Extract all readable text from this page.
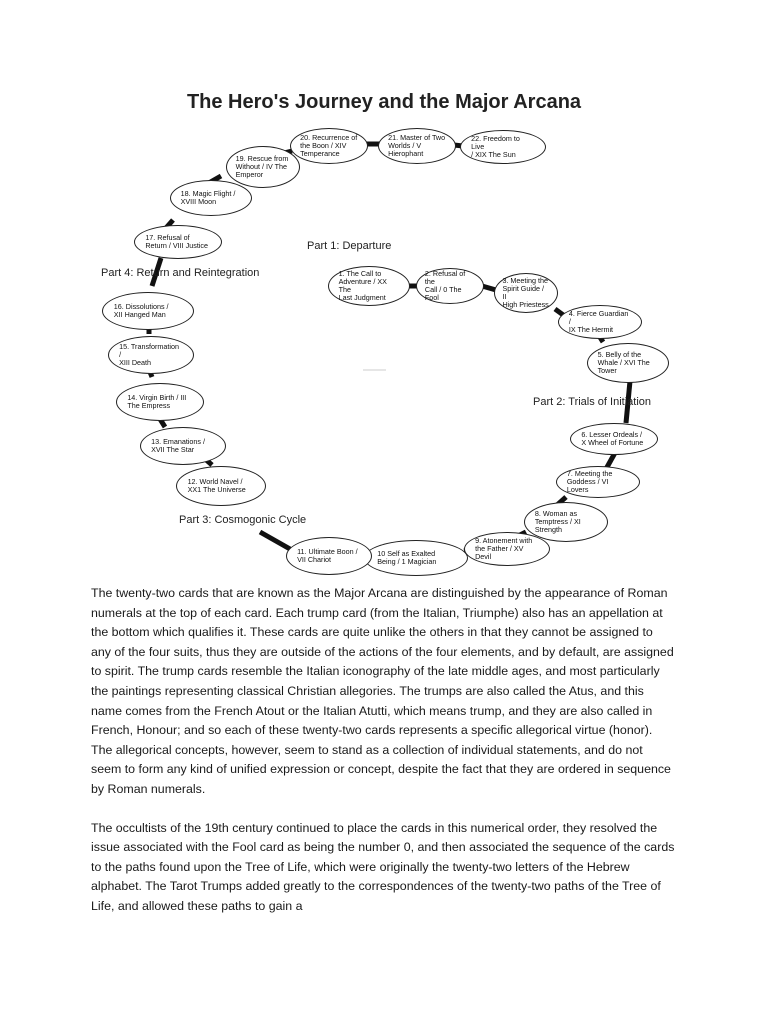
The Hero's Journey and the Major Arcana
1. The Call to
Adventure / XX The
Last Judgment
2. Refusal of the
Call / 0 The Fool
3. Meeting the
Spirit Guide / II
High Priestess
4. Fierce Guardian /
IX The Hermit
5. Belly of the
Whale / XVI The
Tower
6. Lesser Ordeals /
X Wheel of Fortune
7. Meeting the
Goddess / VI Lovers
8. Woman as
Temptress / XI
Strength
9. Atonement with
the Father / XV Devil
10 Self as Exalted
Being / 1 Magician
11. Ultimate Boon /
VII Chariot
12. World Navel /
XX1 The Universe
13. Emanations /
XVII The Star
14. Virgin Birth / III
The Empress
15. Transformation /
XIII Death
16. Dissolutions /
XII Hanged Man
17. Refusal of
Return / VIII Justice
18. Magic Flight /
XVIII Moon
19. Rescue from
Without / IV The
Emperor
20. Recurrence of
the Boon / XIV
Temperance
21. Master of Two
Worlds / V
Hierophant
22. Freedom to Live
/ XIX The Sun
Part 1: Departure
Part 2: Trials of Initiation
Part 3: Cosmogonic Cycle
Part 4: Return and Reintegration

The twenty-two cards that are known as the Major Arcana are distinguished by the appearance of Roman numerals at the top of each card. Each trump card (from the Italian, Triumphe) also has an appellation at the bottom which qualifies it. These cards are quite unlike the others in that they cannot be assigned to any of the four suits, thus they are outside of the actions of the four elements, and by default, are assigned to spirit. The trump cards resemble the Italian iconography of the late middle ages, and most particularly the paintings representing classical Christian allegories. The trumps are also called the Atus, and this name comes from the French Atout or the Italian Atutti, which means trump, and they are also called in French, Honour; and so each of these twenty-two cards represents a specific allegorical virtue (honor). The allegorical concepts, however, seem to stand as a collection of individual statements, and do not seem to form any kind of unified expression or concept, despite the fact that they are ordered in sequence by Roman numerals.

The occultists of the 19th century continued to place the cards in this numerical order, they resolved the issue associated with the Fool card as being the number 0, and then associated the sequence of the cards to the paths found upon the Tree of Life, which were originally the twenty-two letters of the Hebrew alphabet. The Tarot Trumps added greatly to the correspondences of the twenty-two paths of the Tree of Life, and allowed these paths to gain a
